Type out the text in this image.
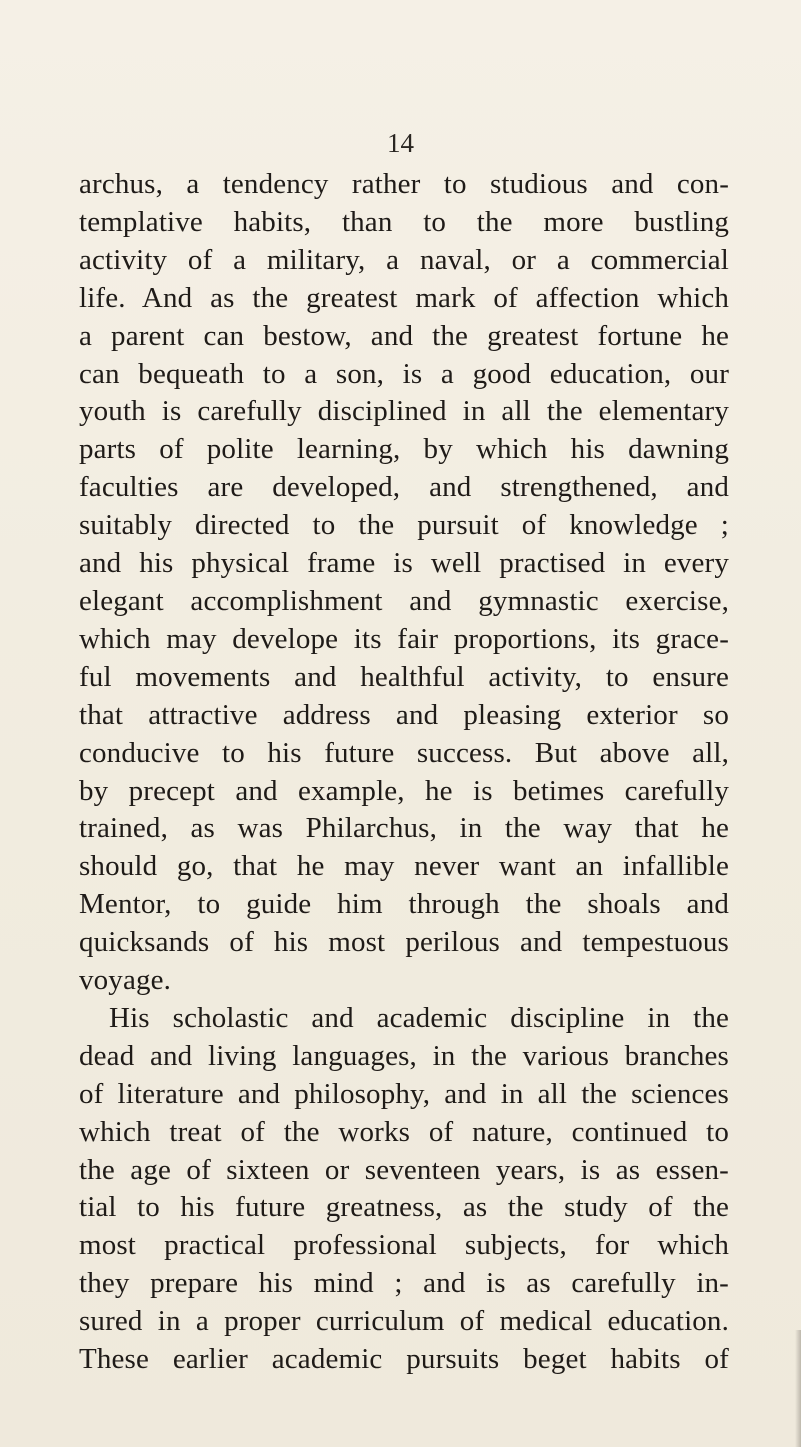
14

archus, a tendency rather to studious and con-
templative habits, than to the more bustling
activity of a military, a naval, or a commercial
life. And as the greatest mark of affection which
a parent can bestow, and the greatest fortune he
can bequeath to a son, is a good education, our
youth is carefully disciplined in all the elementary
parts of polite learning, by which his dawning
faculties are developed, and strengthened, and
suitably directed to the pursuit of knowledge ;
and his physical frame is well practised in every
elegant accomplishment and gymnastic exercise,
which may develope its fair proportions, its grace-
ful movements and healthful activity, to ensure
that attractive address and pleasing exterior so
conducive to his future success. But above all,
by precept and example, he is betimes carefully
trained, as was Philarchus, in the way that he
should go, that he may never want an infallible
Mentor, to guide him through the shoals and
quicksands of his most perilous and tempestuous
voyage.
His scholastic and academic discipline in the
dead and living languages, in the various branches
of literature and philosophy, and in all the sciences
which treat of the works of nature, continued to
the age of sixteen or seventeen years, is as essen-
tial to his future greatness, as the study of the
most practical professional subjects, for which
they prepare his mind ; and is as carefully in-
sured in a proper curriculum of medical education.
These earlier academic pursuits beget habits of
